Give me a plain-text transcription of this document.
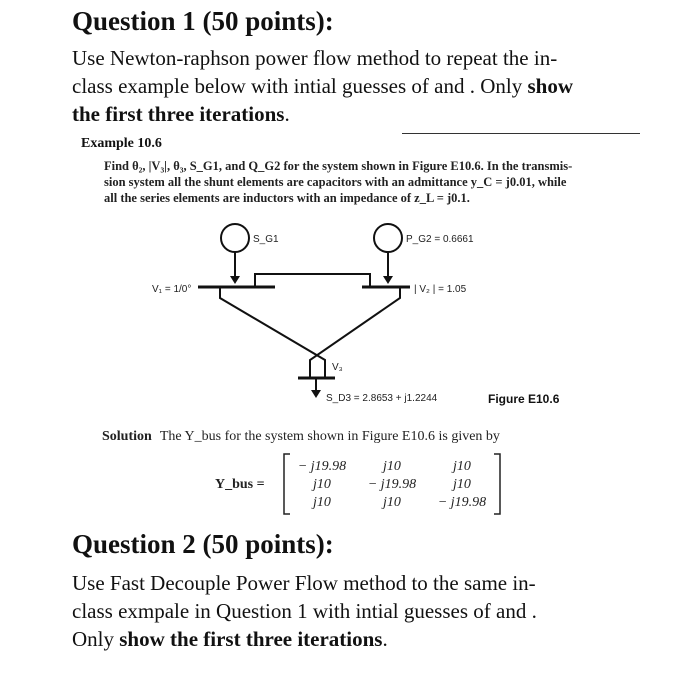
Question 1 (50 points):
Use Newton-raphson power flow method to repeat the in-
class example below with intial guesses of and . Only show
the first three iterations.
Example 10.6
Find θ₂, |V₃|, θ₃, S_G1, and Q_G2 for the system shown in Figure E10.6. In the transmis-
sion system all the shunt elements are capacitors with an admittance y_C = j0.01, while
all the series elements are inductors with an impedance of z_L = j0.1.
S_G1	P_G2 = 0.6661
V₁ = 1/0°	| V₂ | = 1.05
V₃
S_D3 = 2.8653 + j1.2244	Figure E10.6
Y_bus =
− j19.98	j10	j10
j10	− j19.98	j10
j10	j10	− j19.98
Solution The Y_bus for the system shown in Figure E10.6 is given by
Question 2 (50 points):
Use Fast Decouple Power Flow method to the same in-
class exmpale in Question 1 with intial guesses of and .
Only show the first three iterations.
